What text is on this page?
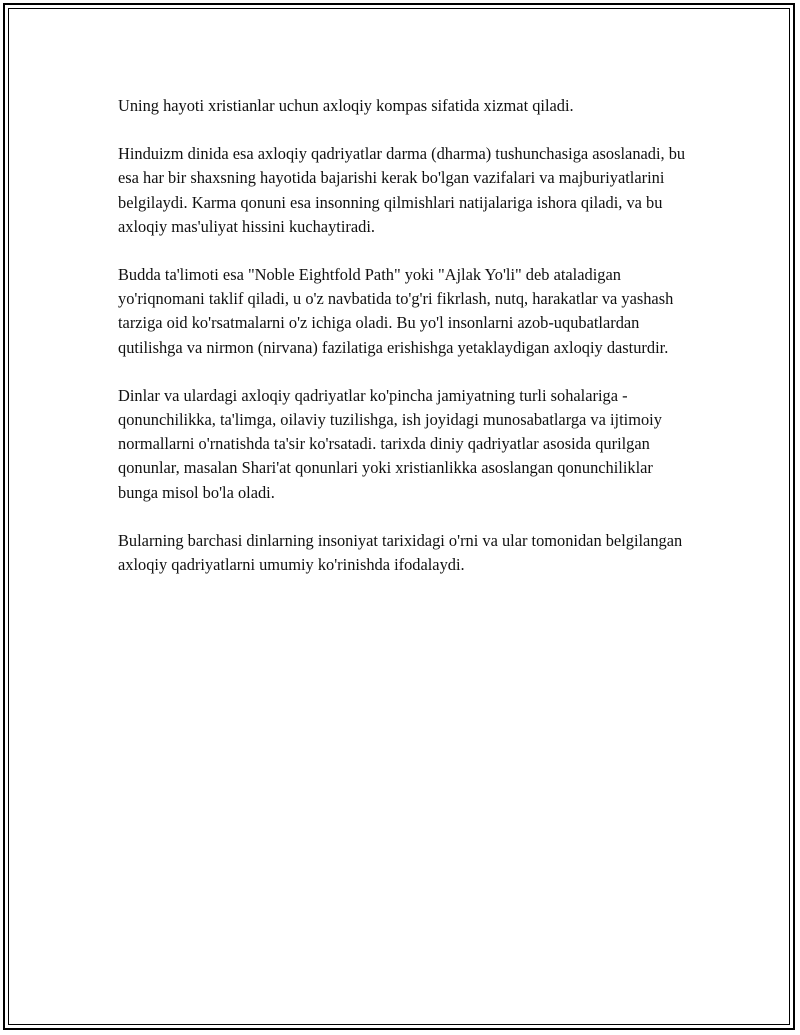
Uning hayoti xristianlar uchun axloqiy kompas sifatida xizmat qiladi.

Hinduizm dinida esa axloqiy qadriyatlar darma (dharma) tushunchasiga asoslanadi, bu esa har bir shaxsning hayotida bajarishi kerak bo'lgan vazifalari va majburiyatlarini belgilaydi. Karma qonuni esa insonning qilmishlari natijalariga ishora qiladi, va bu axloqiy mas'uliyat hissini kuchaytiradi.

Budda ta'limoti esa "Noble Eightfold Path" yoki "Ajlak Yo'li" deb ataladigan yo'riqnomani taklif qiladi, u o'z navbatida to'g'ri fikrlash, nutq, harakatlar va yashash tarziga oid ko'rsatmalarni o'z ichiga oladi. Bu yo'l insonlarni azob-uqubatlardan qutilishga va nirmon (nirvana) fazilatiga erishishga yetaklaydigan axloqiy dasturdir.

Dinlar va ulardagi axloqiy qadriyatlar ko'pincha jamiyatning turli sohalariga - qonunchilikka, ta'limga, oilaviy tuzilishga, ish joyidagi munosabatlarga va ijtimoiy normallarni o'rnatishda ta'sir ko'rsatadi. tarixda diniy qadriyatlar asosida qurilgan qonunlar, masalan Shari'at qonunlari yoki xristianlikka asoslangan qonunchiliklar bunga misol bo'la oladi.

Bularning barchasi dinlarning insoniyat tarixidagi o'rni va ular tomonidan belgilangan axloqiy qadriyatlarni umumiy ko'rinishda ifodalaydi.
